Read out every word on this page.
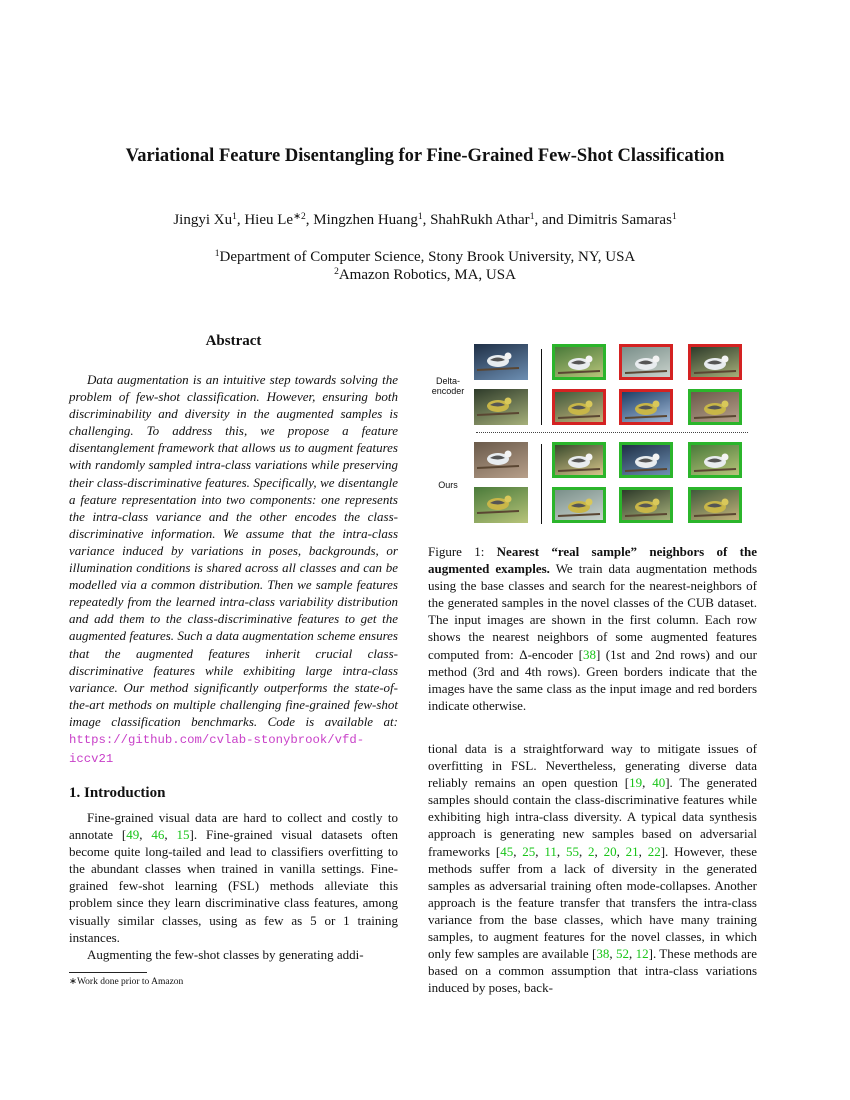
Variational Feature Disentangling for Fine-Grained Few-Shot Classification
Jingyi Xu$^1$, Hieu $Le^{∗2}$, Mingzhen Huang$^1$, ShahRukh Athar$^1$, and Dimitris Samaras$^1$
$^1$Department of Computer Science, Stony Brook University, NY, USA
$^2$Amazon Robotics, MA, USA
Abstract

Data augmentation is an intuitive step towards solving the problem of few-shot classification. However, ensuring both discriminability and diversity in the augmented samples is challenging. To address this, we propose a feature disentanglement framework that allows us to augment features with randomly sampled intra-class variations while preserving their class-discriminative features. Specifically, we disentangle a feature representation into two components: one represents the intra-class variance and the other encodes the class-discriminative information. We assume that the intra-class variance induced by variations in poses, backgrounds, or illumination conditions is shared across all classes and can be modelled via a common distribution. Then we sample features repeatedly from the learned intra-class variability distribution and add them to the class-discriminative features to get the augmented features. Such a data augmentation scheme ensures that the augmented features inherit crucial class-discriminative features while exhibiting large intra-class variance. Our method significantly outperforms the state-of-the-art methods on multiple challenging fine-grained few-shot image classification benchmarks. Code is available at: https://github.com/cvlab-stonybrook/vfd-iccv21

1. Introduction

Fine-grained visual data are hard to collect and costly to annotate [49, 46, 15]. Fine-grained visual datasets often become quite long-tailed and lead to classifiers overfitting to the abundant classes when trained in vanilla settings. Fine-grained few-shot learning (FSL) methods alleviate this problem since they learn discriminative class features, among visually similar classes, using as few as 5 or 1 training instances.

Augmenting the few-shot classes by generating addi-

∗Work done prior to Amazon
Delta-
encoder
Ours
Figure 1: Nearest “real sample” neighbors of the augmented examples. We train data augmentation methods using the base classes and search for the nearest-neighbors of the generated samples in the novel classes of the CUB dataset. The input images are shown in the first column. Each row shows the nearest neighbors of some augmented features computed from: Δ-encoder [38] (1st and 2nd rows) and our method (3rd and 4th rows). Green borders indicate that the images have the same class as the input image and red borders indicate otherwise.

tional data is a straightforward way to mitigate issues of overfitting in FSL. Nevertheless, generating diverse data reliably remains an open question [19, 40]. The generated samples should contain the class-discriminative features while exhibiting high intra-class diversity. A typical data synthesis approach is generating new samples based on adversarial frameworks [45, 25, 11, 55, 2, 20, 21, 22]. However, these methods suffer from a lack of diversity in the generated samples as adversarial training often mode-collapses. Another approach is the feature transfer that transfers the intra-class variance from the base classes, which have many training samples, to augment features for the novel classes, in which only few samples are available [38, 52, 12]. These methods are based on a common assumption that intra-class variations induced by poses, back-
